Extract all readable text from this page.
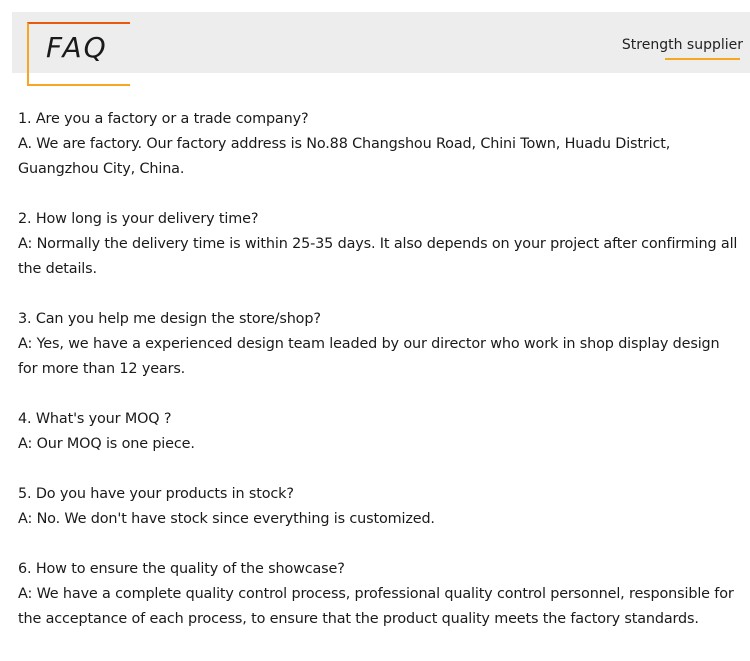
FAQ	Strength supplier

1. Are you a factory or a trade company?

A. We are factory. Our factory address is No.88 Changshou Road, Chini Town, Huadu District, Guangzhou City, China.

2. How long is your delivery time?

A: Normally the delivery time is within 25-35 days. It also depends on your project after confirming all the details.

3. Can you help me design the store/shop?

A: Yes, we have a experienced design team leaded by our director who work in shop display design for more than 12 years.

4. What's your MOQ ?

A: Our MOQ is one piece.

5. Do you have your products in stock?

A: No. We don't have stock since everything is customized.

6. How to ensure the quality of the showcase?

A: We have a complete quality control process, professional quality control personnel, responsible for the acceptance of each process, to ensure that the product quality meets the factory standards.
